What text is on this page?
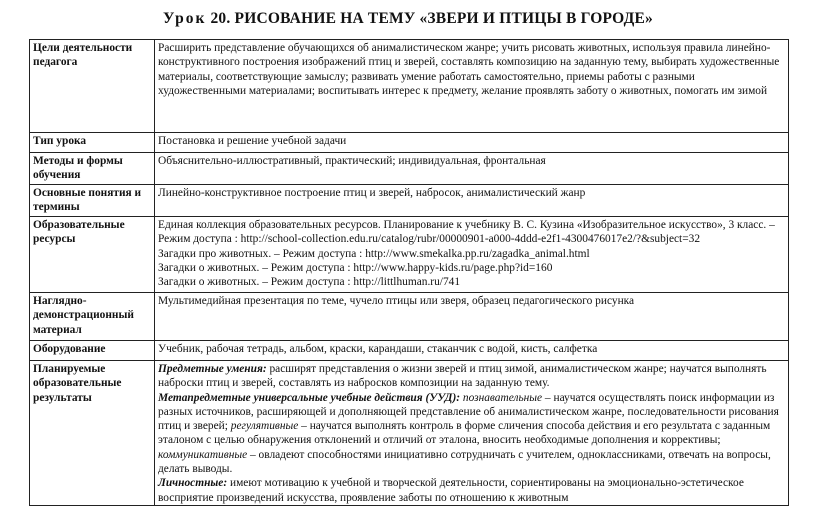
Урок 20. РИСОВАНИЕ НА ТЕМУ «ЗВЕРИ И ПТИЦЫ В ГОРОДЕ»
Цели деятельности педагога	Расширить представление обучающихся об анималистическом жанре; учить рисовать животных, используя правила линейно-конструктивного построения изображений птиц и зверей, составлять композицию на заданную тему, выбирать художественные материалы, соответствующие замыслу; развивать умение работать самостоятельно, приемы работы с разными художественными материалами; воспитывать интерес к предмету, желание проявлять заботу о животных, помогать им зимой
Тип урока	Постановка и решение учебной задачи
Методы и формы обучения	Объяснительно-иллюстративный, практический; индивидуальная, фронтальная
Основные понятия и термины	Линейно-конструктивное построение птиц и зверей, набросок, анималистический жанр
Образовательные ресурсы	Единая коллекция образовательных ресурсов. Планирование к учебнику В. С. Кузина «Изобразительное искусство», 3 класс. – Режим доступа : http://school-collection.edu.ru/catalog/rubr/00000901-a000-4ddd-e2f1-4300476017e2/?&subject=32
Загадки про животных. – Режим доступа : http://www.smekalka.pp.ru/zagadka_animal.html
Загадки о животных. – Режим доступа : http://www.happy-kids.ru/page.php?id=160
Загадки о животных. – Режим доступа : http://littlhuman.ru/741

Наглядно-демонстрационный материал	Мультимедийная презентация по теме, чучело птицы или зверя, образец педагогического рисунка
Оборудование	Учебник, рабочая тетрадь, альбом, краски, карандаши, стаканчик с водой, кисть, салфетка
Планируемые образовательные результаты	Предметные умения: расширят представления о жизни зверей и птиц зимой, анималистическом жанре; научатся выполнять наброски птиц и зверей, составлять из набросков композиции на заданную тему.
Метапредметные универсальные учебные действия (УУД): познавательные – научатся осуществлять поиск информации из разных источников, расширяющей и дополняющей представление об анималистическом жанре, последовательности рисования птиц и зверей; регулятивные – научатся выполнять контроль в форме сличения способа действия и его результата с заданным эталоном с целью обнаружения отклонений и отличий от эталона, вносить необходимые дополнения и коррективы; коммуникативные – овладеют способностями инициативно сотрудничать с учителем, одноклассниками, отвечать на вопросы, делать выводы.
Личностные: имеют мотивацию к учебной и творческой деятельности, сориентированы на эмоционально-эстетическое восприятие произведений искусства, проявление заботы по отношению к животным
